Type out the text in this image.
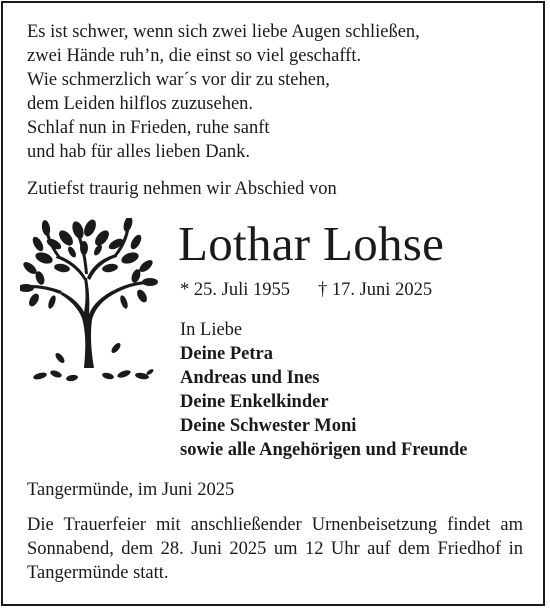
Es ist schwer, wenn sich zwei liebe Augen schließen,
zwei Hände ruh’n, die einst so viel geschafft.
Wie schmerzlich war´s vor dir zu stehen,
dem Leiden hilflos zuzusehen.
Schlaf nun in Frieden, ruhe sanft
und hab für alles lieben Dank.
Zutiefst traurig nehmen wir Abschied von
Lothar Lohse
* 25. Juli 1955 † 17. Juni 2025
In Liebe
Deine Petra
Andreas und Ines
Deine Enkelkinder
Deine Schwester Moni
sowie alle Angehörigen und Freunde
Tangermünde, im Juni 2025
Die Trauerfeier mit anschließender Urnenbeisetzung findet am Sonnabend, dem 28. Juni 2025 um 12 Uhr auf dem Friedhof in Tangermünde statt.
